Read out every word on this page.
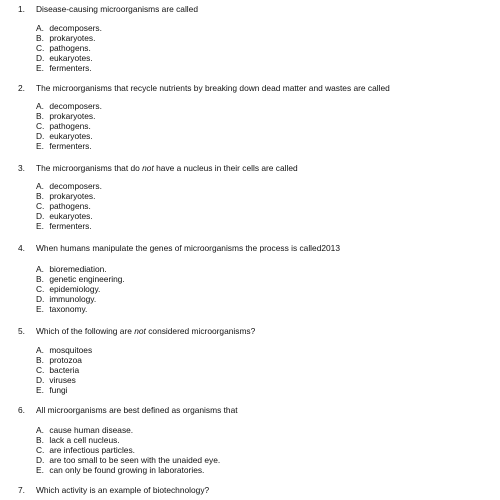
1. Disease-causing microorganisms are called
A. decomposers.
B. prokaryotes.
C. pathogens.
D. eukaryotes.
E. fermenters.
2. The microorganisms that recycle nutrients by breaking down dead matter and wastes are called
A. decomposers.
B. prokaryotes.
C. pathogens.
D. eukaryotes.
E. fermenters.
3. The microorganisms that do not have a nucleus in their cells are called
A. decomposers.
B. prokaryotes.
C. pathogens.
D. eukaryotes.
E. fermenters.
4. When humans manipulate the genes of microorganisms the process is called2013
A. bioremediation.
B. genetic engineering.
C. epidemiology.
D. immunology.
E. taxonomy.
5. Which of the following are not considered microorganisms?
A. mosquitoes
B. protozoa
C. bacteria
D. viruses
E. fungi
6. All microorganisms are best defined as organisms that
A. cause human disease.
B. lack a cell nucleus.
C. are infectious particles.
D. are too small to be seen with the unaided eye.
E. can only be found growing in laboratories.
7. Which activity is an example of biotechnology?
